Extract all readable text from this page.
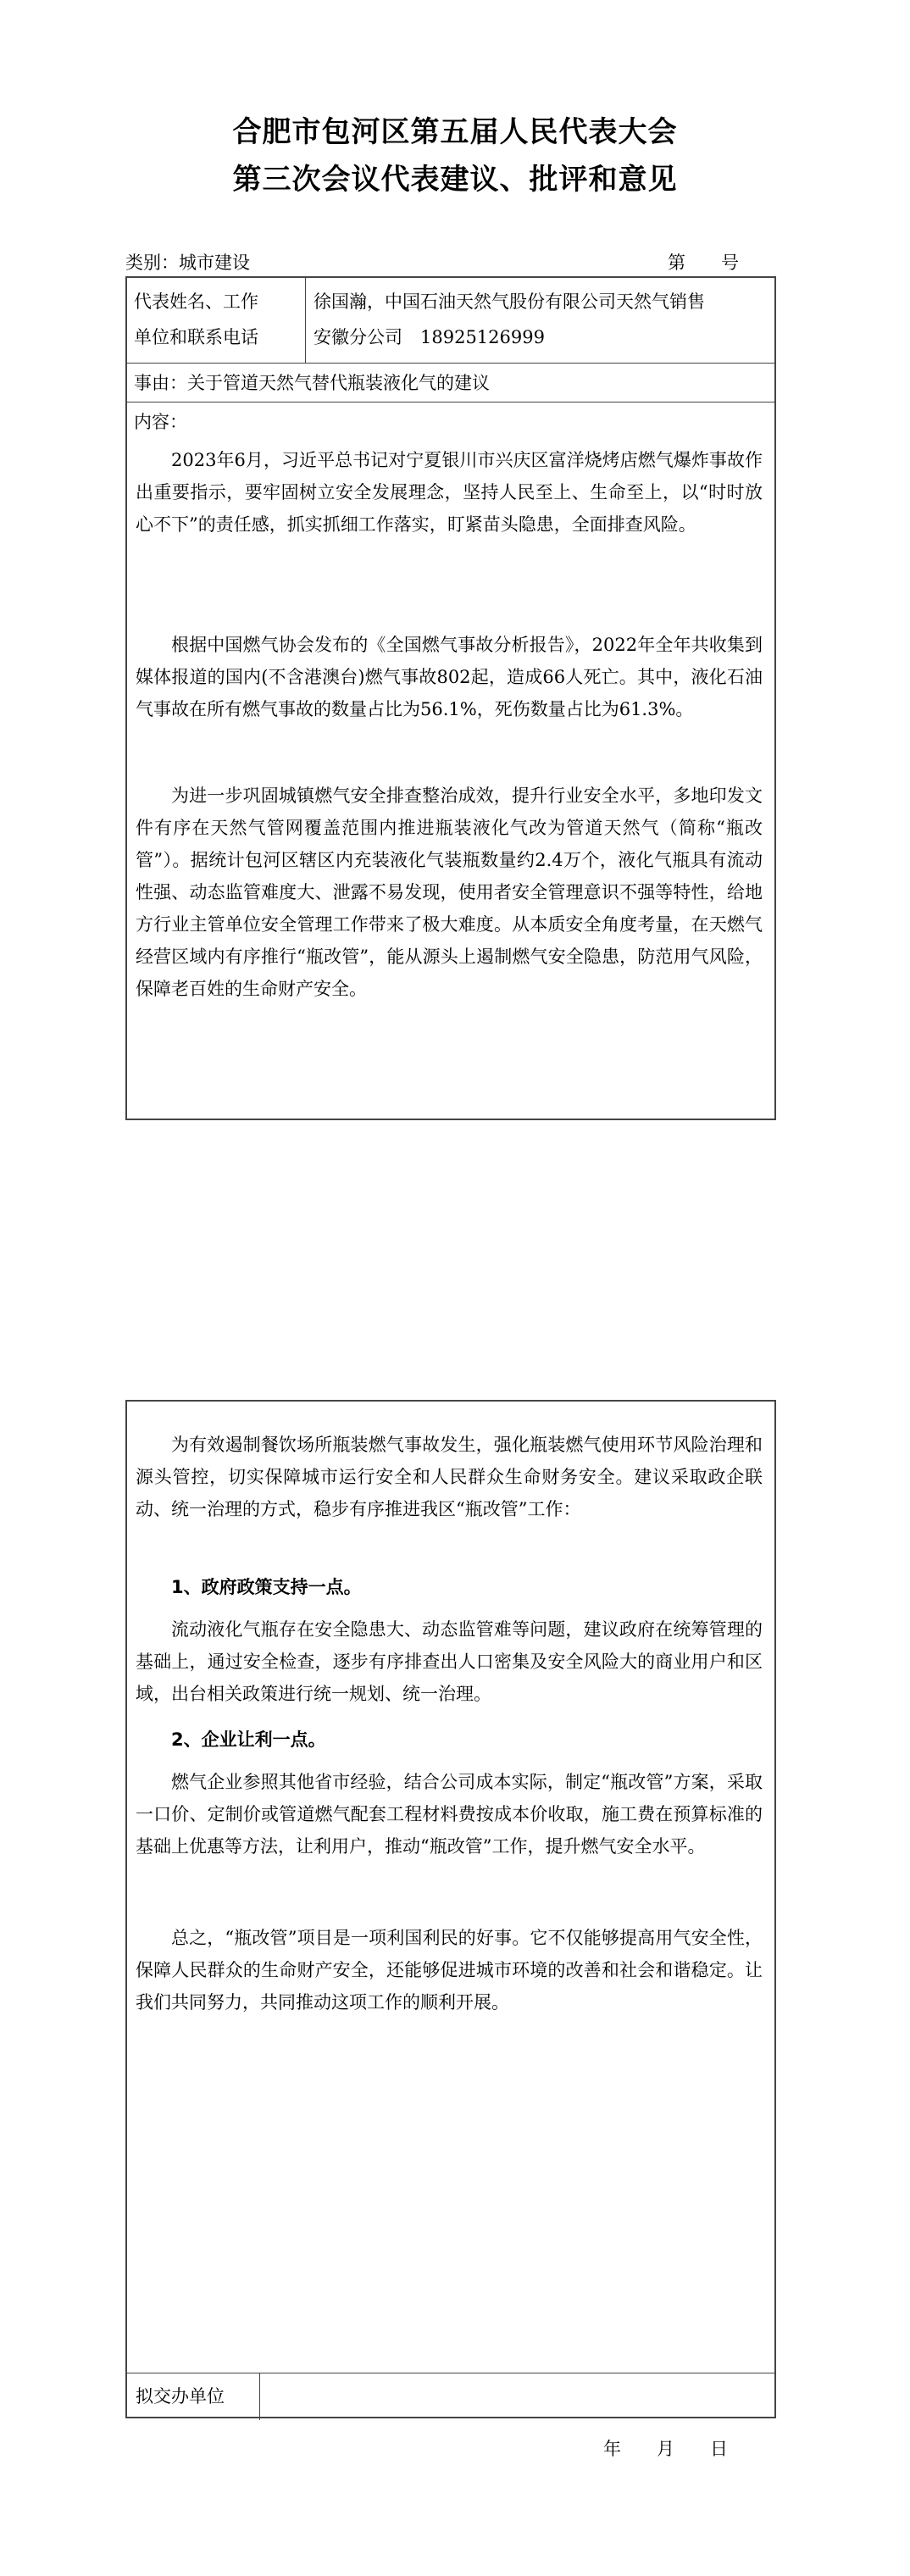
合肥市包河区第五届人民代表大会
第三次会议代表建议、批评和意见
类别：城市建设	第　　号
代表姓名、工作
单位和联系电话
徐国瀚，中国石油天然气股份有限公司天然气销售
安徽分公司　18925126999
事由：关于管道天然气替代瓶装液化气的建议
内容：

2023年6月，习近平总书记对宁夏银川市兴庆区富洋烧烤店燃气爆炸事故作出重要指示，要牢固树立安全发展理念，坚持人民至上、生命至上，以“时时放心不下”的责任感，抓实抓细工作落实，盯紧苗头隐患，全面排查风险。

根据中国燃气协会发布的《全国燃气事故分析报告》，2022年全年共收集到媒体报道的国内(不含港澳台)燃气事故802起，造成66人死亡。其中，液化石油气事故在所有燃气事故的数量占比为56.1%，死伤数量占比为61.3%。

为进一步巩固城镇燃气安全排查整治成效，提升行业安全水平，多地印发文件有序在天然气管网覆盖范围内推进瓶装液化气改为管道天然气（简称“瓶改管”）。据统计包河区辖区内充装液化气装瓶数量约2.4万个，液化气瓶具有流动性强、动态监管难度大、泄露不易发现，使用者安全管理意识不强等特性，给地方行业主管单位安全管理工作带来了极大难度。从本质安全角度考量，在天燃气经营区域内有序推行“瓶改管”，能从源头上遏制燃气安全隐患，防范用气风险，保障老百姓的生命财产安全。

为有效遏制餐饮场所瓶装燃气事故发生，强化瓶装燃气使用环节风险治理和源头管控，切实保障城市运行安全和人民群众生命财务安全。建议采取政企联动、统一治理的方式，稳步有序推进我区“瓶改管”工作：

1、政府政策支持一点。

流动液化气瓶存在安全隐患大、动态监管难等问题，建议政府在统筹管理的基础上，通过安全检查，逐步有序排查出人口密集及安全风险大的商业用户和区域，出台相关政策进行统一规划、统一治理。

2、企业让利一点。

燃气企业参照其他省市经验，结合公司成本实际，制定“瓶改管”方案，采取一口价、定制价或管道燃气配套工程材料费按成本价收取，施工费在预算标准的基础上优惠等方法，让利用户，推动“瓶改管”工作，提升燃气安全水平。

总之，“瓶改管”项目是一项利国利民的好事。它不仅能够提高用气安全性，保障人民群众的生命财产安全，还能够促进城市环境的改善和社会和谐稳定。让我们共同努力，共同推动这项工作的顺利开展。

拟交办单位
年　　月　　日
